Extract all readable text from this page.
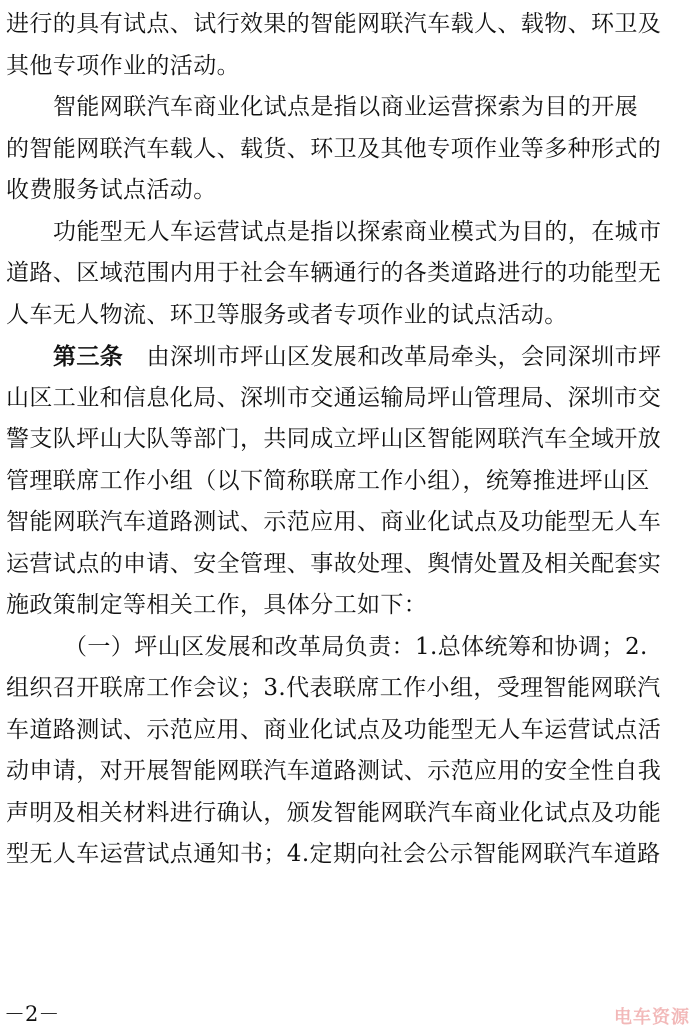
进行的具有试点、试行效果的智能网联汽车载人、载物、环卫及
其他专项作业的活动。
智能网联汽车商业化试点是指以商业运营探索为目的开展
的智能网联汽车载人、载货、环卫及其他专项作业等多种形式的
收费服务试点活动。
功能型无人车运营试点是指以探索商业模式为目的，在城市
道路、区域范围内用于社会车辆通行的各类道路进行的功能型无
人车无人物流、环卫等服务或者专项作业的试点活动。
第三条　 由深圳市坪山区发展和改革局牵头，会同深圳市坪
山区工业和信息化局、深圳市交通运输局坪山管理局、深圳市交
警支队坪山大队等部门，共同成立坪山区智能网联汽车全域开放
管理联席工作小组（以下简称联席工作小组），统筹推进坪山区
智能网联汽车道路测试、示范应用、商业化试点及功能型无人车
运营试点的申请、安全管理、事故处理、舆情处置及相关配套实
施政策制定等相关工作，具体分工如下：
（一）坪山区发展和改革局负责：1.总体统筹和协调；2.
组织召开联席工作会议；3.代表联席工作小组，受理智能网联汽
车道路测试、示范应用、商业化试点及功能型无人车运营试点活
动申请，对开展智能网联汽车道路测试、示范应用的安全性自我
声明及相关材料进行确认，颁发智能网联汽车商业化试点及功能
型无人车运营试点通知书；4.定期向社会公示智能网联汽车道路
－2－	电车资源
